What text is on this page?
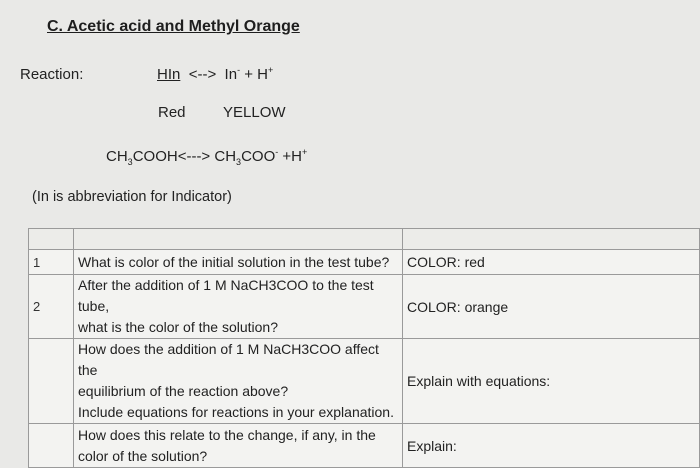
C. Acetic acid and Methyl Orange
Reaction:	HIn <--> In- + H+
Red YELLOW
$CH_3COOH<---> CH_3COO^- +H^+$
(In is abbreviation for Indicator)

1	What is color of the initial solution in the test tube?	COLOR: red
2	After the addition of 1 M NaCH3COO to the test tube,
what is the color of the solution?	COLOR: orange

	How does the addition of 1 M NaCH3COO affect the
equilibrium of the reaction above?
Include equations for reactions in your explanation.	Explain with equations:

	How does this relate to the change, if any, in the
color of the solution?	Explain:
